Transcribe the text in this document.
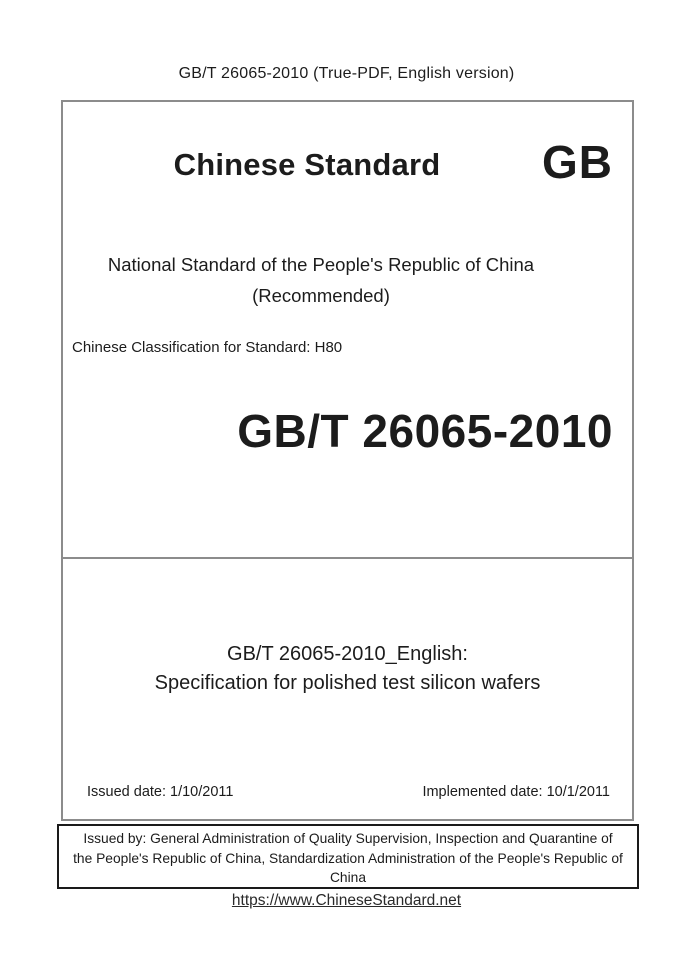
GB/T 26065-2010 (True-PDF, English version)
Chinese Standard	GB
National Standard of the People's Republic of China
(Recommended)
Chinese Classification for Standard: H80
GB/T 26065-2010
GB/T 26065-2010_English:
Specification for polished test silicon wafers
Issued date: 1/10/2011	Implemented date: 10/1/2011
Issued by: General Administration of Quality Supervision, Inspection and Quarantine of
the People's Republic of China, Standardization Administration of the People's Republic of
China
https://www.ChineseStandard.net
